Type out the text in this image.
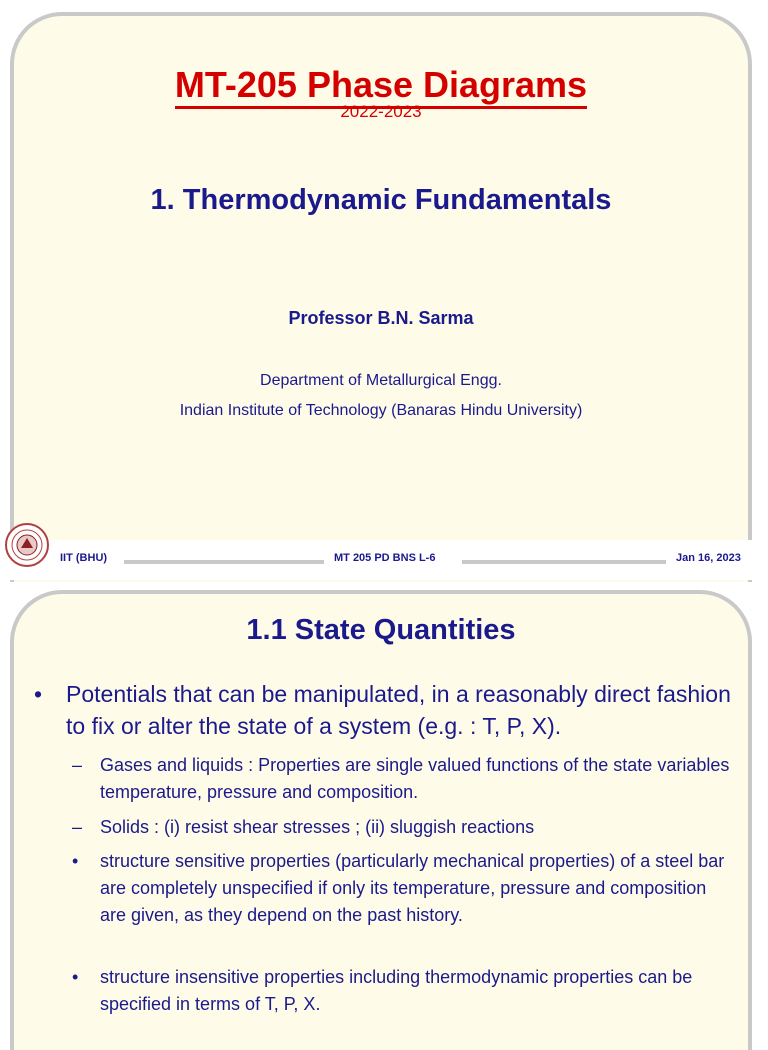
MT-205 Phase Diagrams
2022-2023
1. Thermodynamic Fundamentals
Professor B.N. Sarma
Department of Metallurgical Engg.
Indian Institute of Technology (Banaras Hindu University)
IIT (BHU)	MT 205 PD BNS L-6	Jan 16, 2023
1.1 State Quantities
• Potentials that can be manipulated, in a reasonably direct fashion to fix or alter the state of a system (e.g. : T, P, X).
– Gases and liquids : Properties are single valued functions of the state variables temperature, pressure and composition.
– Solids : (i) resist shear stresses ; (ii) sluggish reactions
• structure sensitive properties (particularly mechanical properties) of a steel bar are completely unspecified if only its temperature, pressure and composition are given, as they depend on the past history.
• structure insensitive properties including thermodynamic properties can be specified in terms of T, P, X.
